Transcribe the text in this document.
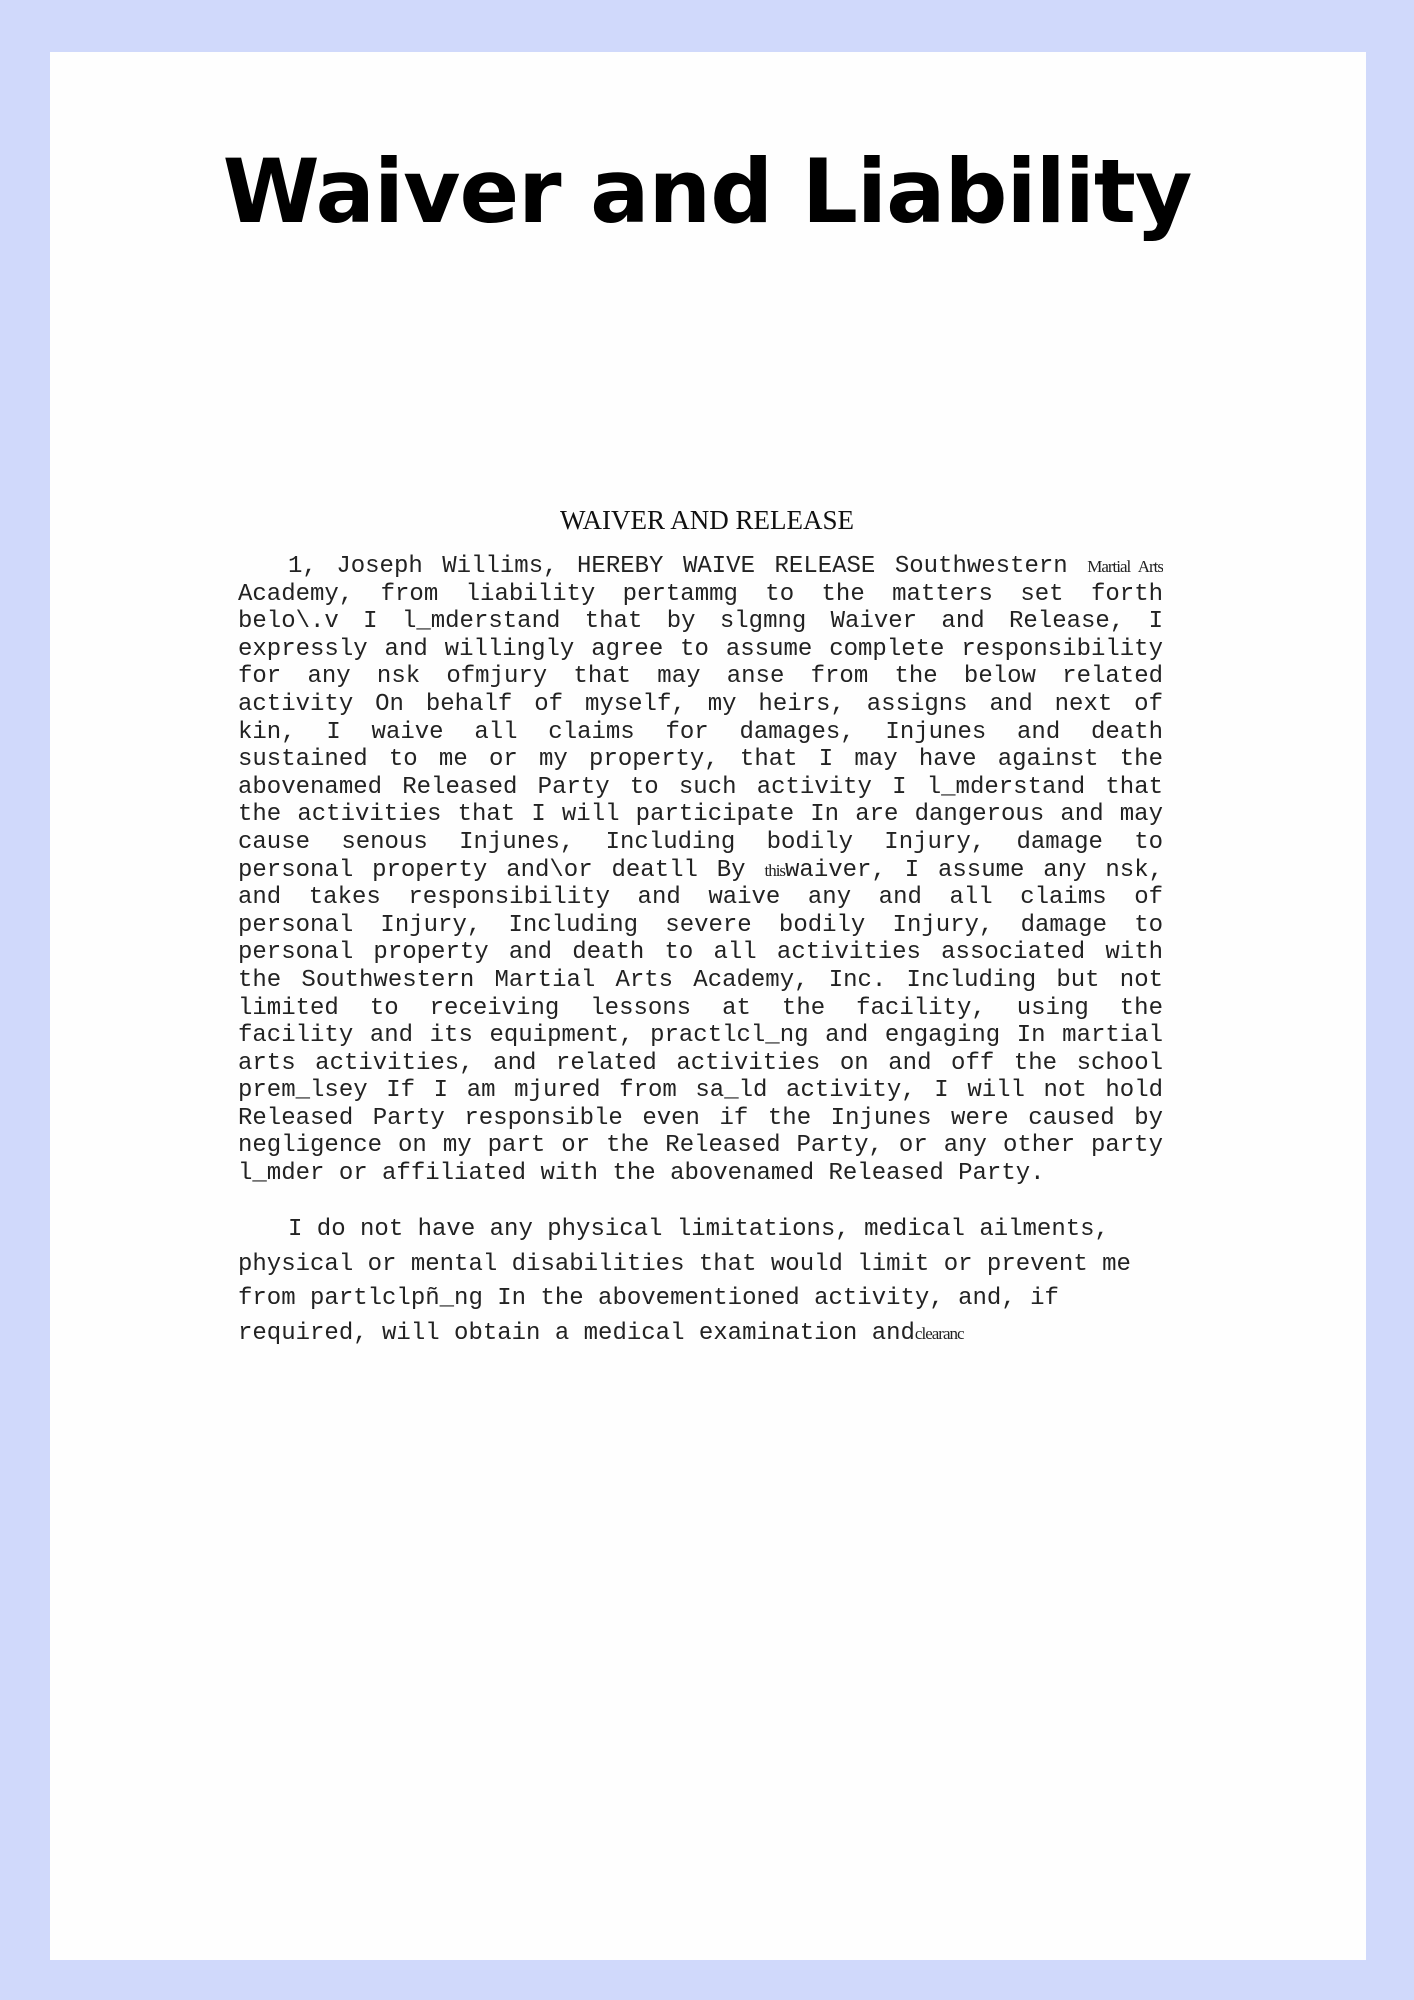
Waiver and Liability
WAIVER AND RELEASE
1, Joseph Willims, HEREBY WAIVE RELEASE Southwestern Martial Arts
Academy, from liability pertammg to the matters set forth
belo\.v I l_mderstand that by slgmng Waiver and Release, I
expressly and willingly agree to assume complete responsibility
for any nsk ofmjury that may anse from the below related
activity On behalf of myself, my heirs, assigns and next of
kin, I waive all claims for damages, Injunes and death
sustained to me or my property, that I may have against the
abovenamed Released Party to such activity I l_mderstand that
the activities that I will participate In are dangerous and may
cause senous Injunes, Including bodily Injury, damage to
personal property and\or deatll By thiswaiver, I assume any nsk,
and takes responsibility and waive any and all claims of
personal Injury, Including severe bodily Injury, damage to
personal property and death to all activities associated with
the Southwestern Martial Arts Academy, Inc. Including but not
limited to receiving lessons at the facility, using the
facility and its equipment, practlcl_ng and engaging In martial
arts activities, and related activities on and off the school
prem_lsey If I am mjured from sa_ld activity, I will not hold
Released Party responsible even if the Injunes were caused by
negligence on my part or the Released Party, or any other party
l_mder or affiliated with the abovenamed Released Party.
I do not have any physical limitations, medical ailments,
physical or mental disabilities that would limit or prevent me
from partlclpñ_ng In the abovementioned activity, and, if
required, will obtain a medical examination andclearanc
